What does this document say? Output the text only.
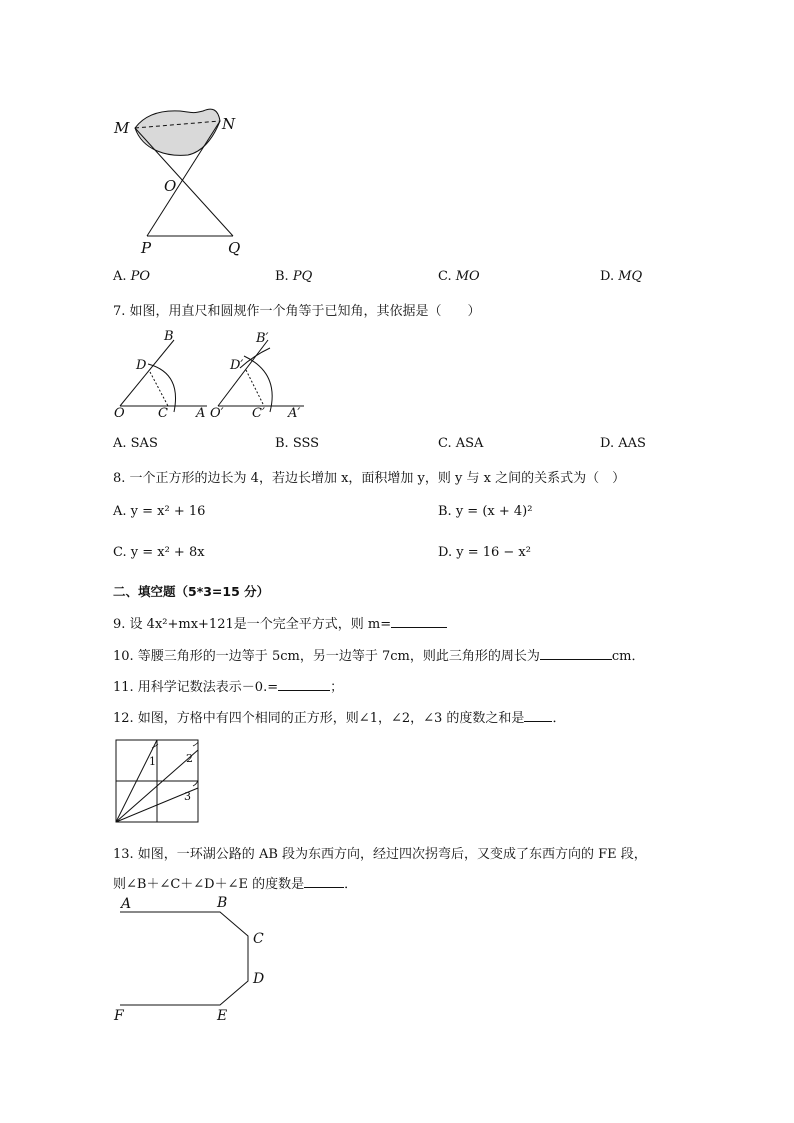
M	N
O
P	Q
A. PO	B. PQ	C. MO	D. MQ
7. 如图，用直尺和圆规作一个角等于已知角，其依据是（　　）
B
D
O	C A
B′
D′
O′ C′ A′
A. SAS	B. SSS	C. ASA	D. AAS
8. 一个正方形的边长为 4，若边长增加 x，面积增加 y，则 y 与 x 之间的关系式为（　）
A. y = x² + 16	B. y = (x + 4)²
C. y = x² + 8x	D. y = 16 − x²
二、填空题（5*3=15 分）
9. 设 4x²+mx+121是一个完全平方式，则 m=
10. 等腰三角形的一边等于 5cm，另一边等于 7cm，则此三角形的周长为	cm．
11. 用科学记数法表示－0.=	；
12. 如图，方格中有四个相同的正方形，则∠1，∠2，∠3 的度数之和是 ．
1	2
3
13. 如图，一环湖公路的 AB 段为东西方向，经过四次拐弯后，又变成了东西方向的 FE 段，
则∠B＋∠C＋∠D＋∠E 的度数是	．
A	B
C
D
E
F
